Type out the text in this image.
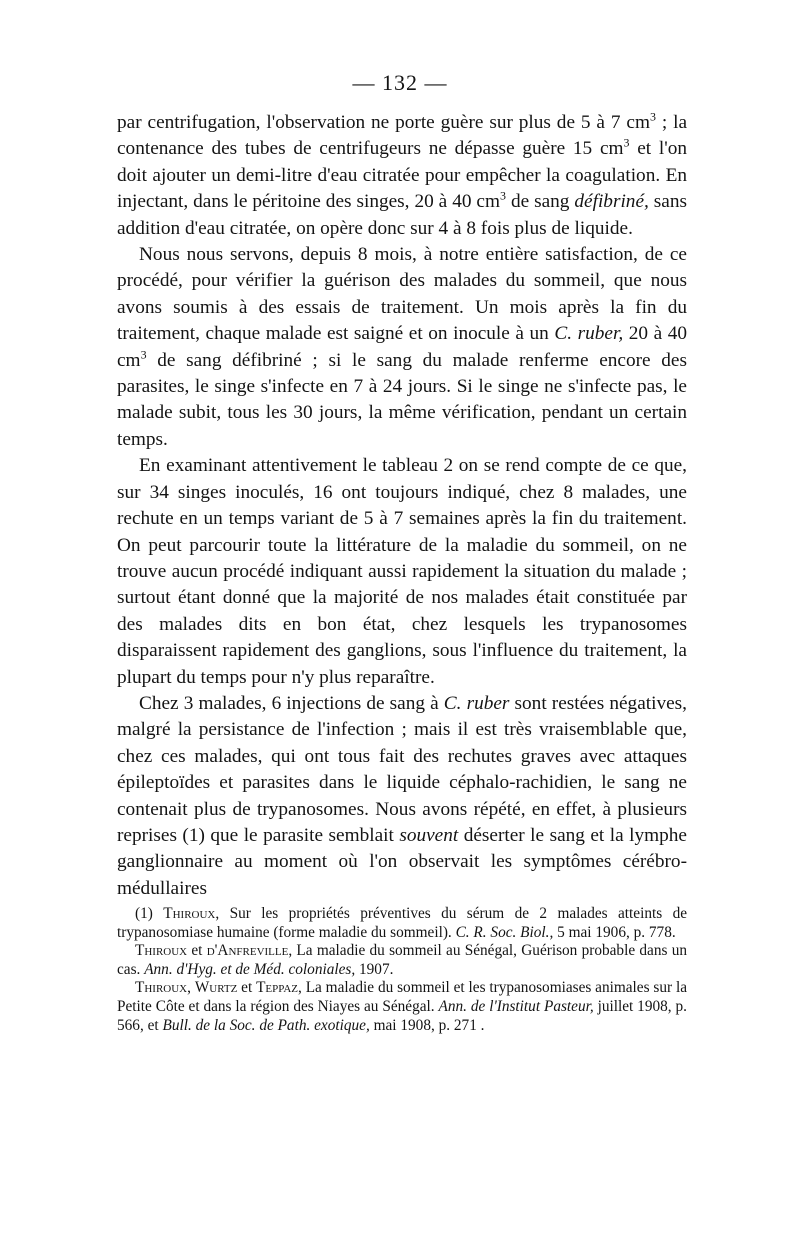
— 132 —

par centrifugation, l'observation ne porte guère sur plus de 5 à 7 $cm^3$ ; la contenance des tubes de centrifugeurs ne dépasse guère 15 $cm^3$ et l'on doit ajouter un demi-litre d'eau citratée pour empêcher la coagulation. En injectant, dans le péritoine des singes, 20 à 40 $cm^3$ de sang défibriné, sans addition d'eau citratée, on opère donc sur 4 à 8 fois plus de liquide.

Nous nous servons, depuis 8 mois, à notre entière satisfaction, de ce procédé, pour vérifier la guérison des malades du sommeil, que nous avons soumis à des essais de traitement. Un mois après la fin du traitement, chaque malade est saigné et on inocule à un C. ruber, 20 à 40 $cm^3$ de sang défibriné ; si le sang du malade renferme encore des parasites, le singe s'infecte en 7 à 24 jours. Si le singe ne s'infecte pas, le malade subit, tous les 30 jours, la même vérification, pendant un certain temps.

En examinant attentivement le tableau 2 on se rend compte de ce que, sur 34 singes inoculés, 16 ont toujours indiqué, chez 8 malades, une rechute en un temps variant de 5 à 7 semaines après la fin du traitement. On peut parcourir toute la littérature de la maladie du sommeil, on ne trouve aucun procédé indiquant aussi rapidement la situation du malade ; surtout étant donné que la majorité de nos malades était constituée par des malades dits en bon état, chez lesquels les trypanosomes disparaissent rapidement des ganglions, sous l'influence du traitement, la plupart du temps pour n'y plus reparaître.

Chez 3 malades, 6 injections de sang à C. ruber sont restées négatives, malgré la persistance de l'infection ; mais il est très vraisemblable que, chez ces malades, qui ont tous fait des rechutes graves avec attaques épileptoïdes et parasites dans le liquide céphalo-rachidien, le sang ne contenait plus de trypanosomes. Nous avons répété, en effet, à plusieurs reprises (1) que le parasite semblait souvent déserter le sang et la lymphe ganglionnaire au moment où l'on observait les symptômes cérébro-médullaires

(1) Thiroux, Sur les propriétés préventives du sérum de 2 malades atteints de trypanosomiase humaine (forme maladie du sommeil). C. R. Soc. Biol., 5 mai 1906, p. 778.

Thiroux et d'Anfreville, La maladie du sommeil au Sénégal, Guérison probable dans un cas. Ann. d'Hyg. et de Méd. coloniales, 1907.

Thiroux, Wurtz et Teppaz, La maladie du sommeil et les trypanosomiases animales sur la Petite Côte et dans la région des Niayes au Sénégal. Ann. de l'Institut Pasteur, juillet 1908, p. 566, et Bull. de la Soc. de Path. exotique, mai 1908, p. 271 .
